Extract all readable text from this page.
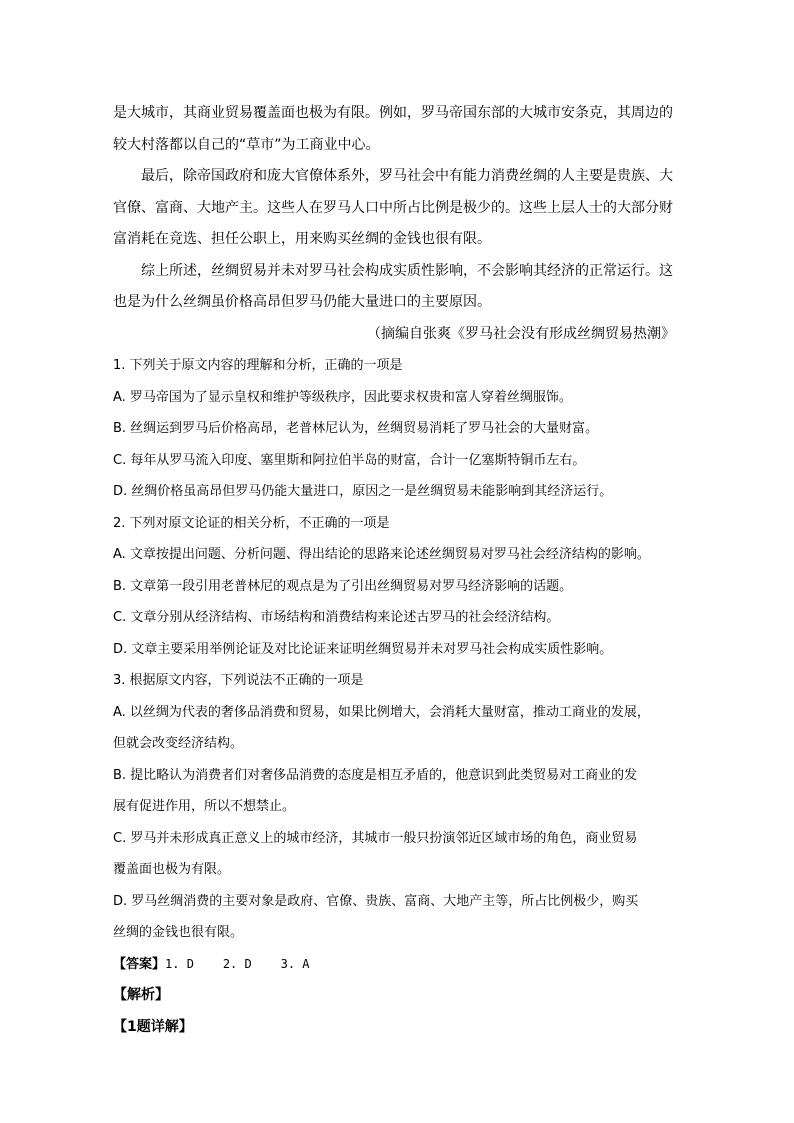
是大城市，其商业贸易覆盖面也极为有限。例如，罗马帝国东部的大城市安条克，其周边的
较大村落都以自己的“草市”为工商业中心。
最后，除帝国政府和庞大官僚体系外，罗马社会中有能力消费丝绸的人主要是贵族、大
官僚、富商、大地产主。这些人在罗马人口中所占比例是极少的。这些上层人士的大部分财
富消耗在竞选、担任公职上，用来购买丝绸的金钱也很有限。
综上所述，丝绸贸易并未对罗马社会构成实质性影响，不会影响其经济的正常运行。这
也是为什么丝绸虽价格高昂但罗马仍能大量进口的主要原因。
（摘编自张爽《罗马社会没有形成丝绸贸易热潮》
1. 下列关于原文内容的理解和分析，正确的一项是
A. 罗马帝国为了显示皇权和维护等级秩序，因此要求权贵和富人穿着丝绸服饰。
B. 丝绸运到罗马后价格高昂，老普林尼认为，丝绸贸易消耗了罗马社会的大量财富。
C. 每年从罗马流入印度、塞里斯和阿拉伯半岛的财富，合计一亿塞斯特铜币左右。
D. 丝绸价格虽高昂但罗马仍能大量进口，原因之一是丝绸贸易未能影响到其经济运行。
2. 下列对原文论证的相关分析，不正确的一项是
A. 文章按提出问题、分析问题、得出结论的思路来论述丝绸贸易对罗马社会经济结构的影响。
B. 文章第一段引用老普林尼的观点是为了引出丝绸贸易对罗马经济影响的话题。
C. 文章分别从经济结构、市场结构和消费结构来论述古罗马的社会经济结构。
D. 文章主要采用举例论证及对比论证来证明丝绸贸易并未对罗马社会构成实质性影响。
3. 根据原文内容，下列说法不正确的一项是
A. 以丝绸为代表的奢侈品消费和贸易，如果比例增大，会消耗大量财富，推动工商业的发展，
但就会改变经济结构。
B. 提比略认为消费者们对奢侈品消费的态度是相互矛盾的，他意识到此类贸易对工商业的发
展有促进作用，所以不想禁止。
C. 罗马并未形成真正意义上的城市经济，其城市一般只扮演邻近区域市场的角色，商业贸易
覆盖面也极为有限。
D. 罗马丝绸消费的主要对象是政府、官僚、贵族、富商、大地产主等，所占比例极少，购买
丝绸的金钱也很有限。
【答案】1. D    2. D    3. A
【解析】
【1题详解】
